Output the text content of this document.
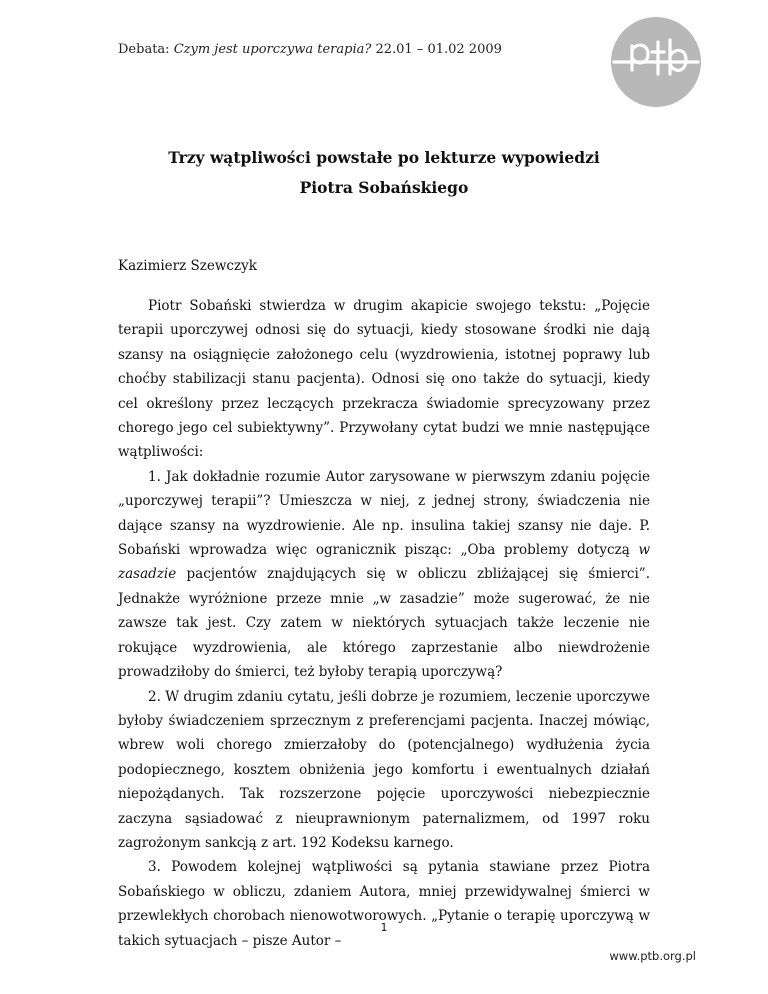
Debata: Czym jest uporczywa terapia? 22.01 – 01.02 2009
ptb
Trzy wątpliwości powstałe po lekturze wypowiedzi
Piotra Sobańskiego
Kazimierz Szewczyk

Piotr Sobański stwierdza w drugim akapicie swojego tekstu: „Pojęcie terapii uporczywej odnosi się do sytuacji, kiedy stosowane środki nie dają szansy na osiągnięcie założonego celu (wyzdrowienia, istotnej poprawy lub choćby stabilizacji stanu pacjenta). Odnosi się ono także do sytuacji, kiedy cel określony przez leczących przekracza świadomie sprecyzowany przez chorego jego cel subiektywny”. Przywołany cytat budzi we mnie następujące wątpliwości:

1. Jak dokładnie rozumie Autor zarysowane w pierwszym zdaniu pojęcie „uporczywej terapii”? Umieszcza w niej, z jednej strony, świadczenia nie dające szansy na wyzdrowienie. Ale np. insulina takiej szansy nie daje. P. Sobański wprowadza więc ogranicznik pisząc: „Oba problemy dotyczą w zasadzie pacjentów znajdujących się w obliczu zbliżającej się śmierci”. Jednakże wyróżnione przeze mnie „w zasadzie” może sugerować, że nie zawsze tak jest. Czy zatem w niektórych sytuacjach także leczenie nie rokujące wyzdrowienia, ale którego zaprzestanie albo niewdrożenie prowadziłoby do śmierci, też byłoby terapią uporczywą?

2. W drugim zdaniu cytatu, jeśli dobrze je rozumiem, leczenie uporczywe byłoby świadczeniem sprzecznym z preferencjami pacjenta. Inaczej mówiąc, wbrew woli chorego zmierzałoby do (potencjalnego) wydłużenia życia podopiecznego, kosztem obniżenia jego komfortu i ewentualnych działań niepożądanych. Tak rozszerzone pojęcie uporczywości niebezpiecznie zaczyna sąsiadować z nieuprawnionym paternalizmem, od 1997 roku zagrożonym sankcją z art. 192 Kodeksu karnego.

3. Powodem kolejnej wątpliwości są pytania stawiane przez Piotra Sobańskiego w obliczu, zdaniem Autora, mniej przewidywalnej śmierci w przewlekłych chorobach nienowotworowych. „Pytanie o terapię uporczywą w takich sytuacjach – pisze Autor –

1
www.ptb.org.pl
